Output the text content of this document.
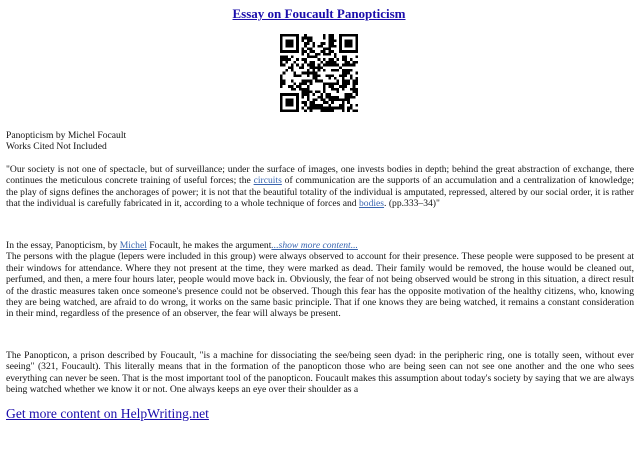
Essay on Foucault Panopticism

Panopticism by Michel Focault

Works Cited Not Included

"Our society is not one of spectacle, but of surveillance; under the surface of images, one invests bodies in depth; behind the great abstraction of exchange, there continues the meticulous concrete training of useful forces; the circuits of communication are the supports of an accumulation and a centralization of knowledge; the play of signs defines the anchorages of power; it is not that the beautiful totality of the individual is amputated, repressed, altered by our social order, it is rather that the individual is carefully fabricated in it, according to a whole technique of forces and bodies. (pp.333–34)"

In the essay, Panopticism, by Michel Focault, he makes the argument...show more content...

The persons with the plague (lepers were included in this group) were always observed to account for their presence. These people were supposed to be present at their windows for attendance. Where they not present at the time, they were marked as dead. Their family would be removed, the house would be cleaned out, perfumed, and then, a mere four hours later, people would move back in. Obviously, the fear of not being observed would be strong in this situation, a direct result of the drastic measures taken once someone's presence could not be observed. Though this fear has the opposite motivation of the healthy citizens, who, knowing they are being watched, are afraid to do wrong, it works on the same basic principle. That if one knows they are being watched, it remains a constant consideration in their mind, regardless of the presence of an observer, the fear will always be present.

The Panopticon, a prison described by Foucault, "is a machine for dissociating the see/being seen dyad: in the peripheric ring, one is totally seen, without ever seeing" (321, Foucault). This literally means that in the formation of the panopticon those who are being seen can not see one another and the one who sees everything can never be seen. That is the most important tool of the panopticon. Foucault makes this assumption about today's society by saying that we are always being watched whether we know it or not. One always keeps an eye over their shoulder as a

Get more content on HelpWriting.net
